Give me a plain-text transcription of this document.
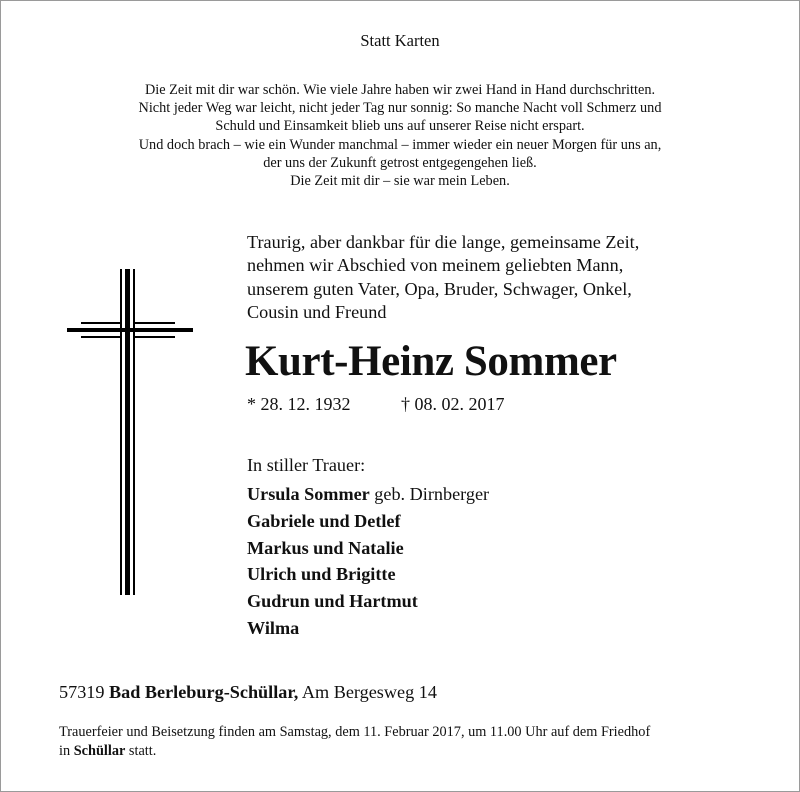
Statt Karten
Die Zeit mit dir war schön. Wie viele Jahre haben wir zwei Hand in Hand durchschritten.
Nicht jeder Weg war leicht, nicht jeder Tag nur sonnig: So manche Nacht voll Schmerz und
Schuld und Einsamkeit blieb uns auf unserer Reise nicht erspart.
Und doch brach – wie ein Wunder manchmal – immer wieder ein neuer Morgen für uns an,
der uns der Zukunft getrost entgegengehen ließ.
Die Zeit mit dir – sie war mein Leben.
Traurig, aber dankbar für die lange, gemeinsame Zeit,
nehmen wir Abschied von meinem geliebten Mann,
unserem guten Vater, Opa, Bruder, Schwager, Onkel,
Cousin und Freund
Kurt-Heinz Sommer
* 28. 12. 1932	† 08. 02. 2017
In stiller Trauer:
Ursula Sommer geb. Dirnberger
Gabriele und Detlef
Markus und Natalie
Ulrich und Brigitte
Gudrun und Hartmut
Wilma
57319 Bad Berleburg-Schüllar, Am Bergesweg 14
Trauerfeier und Beisetzung finden am Samstag, dem 11. Februar 2017, um 11.00 Uhr auf dem Friedhof
in Schüllar statt.
